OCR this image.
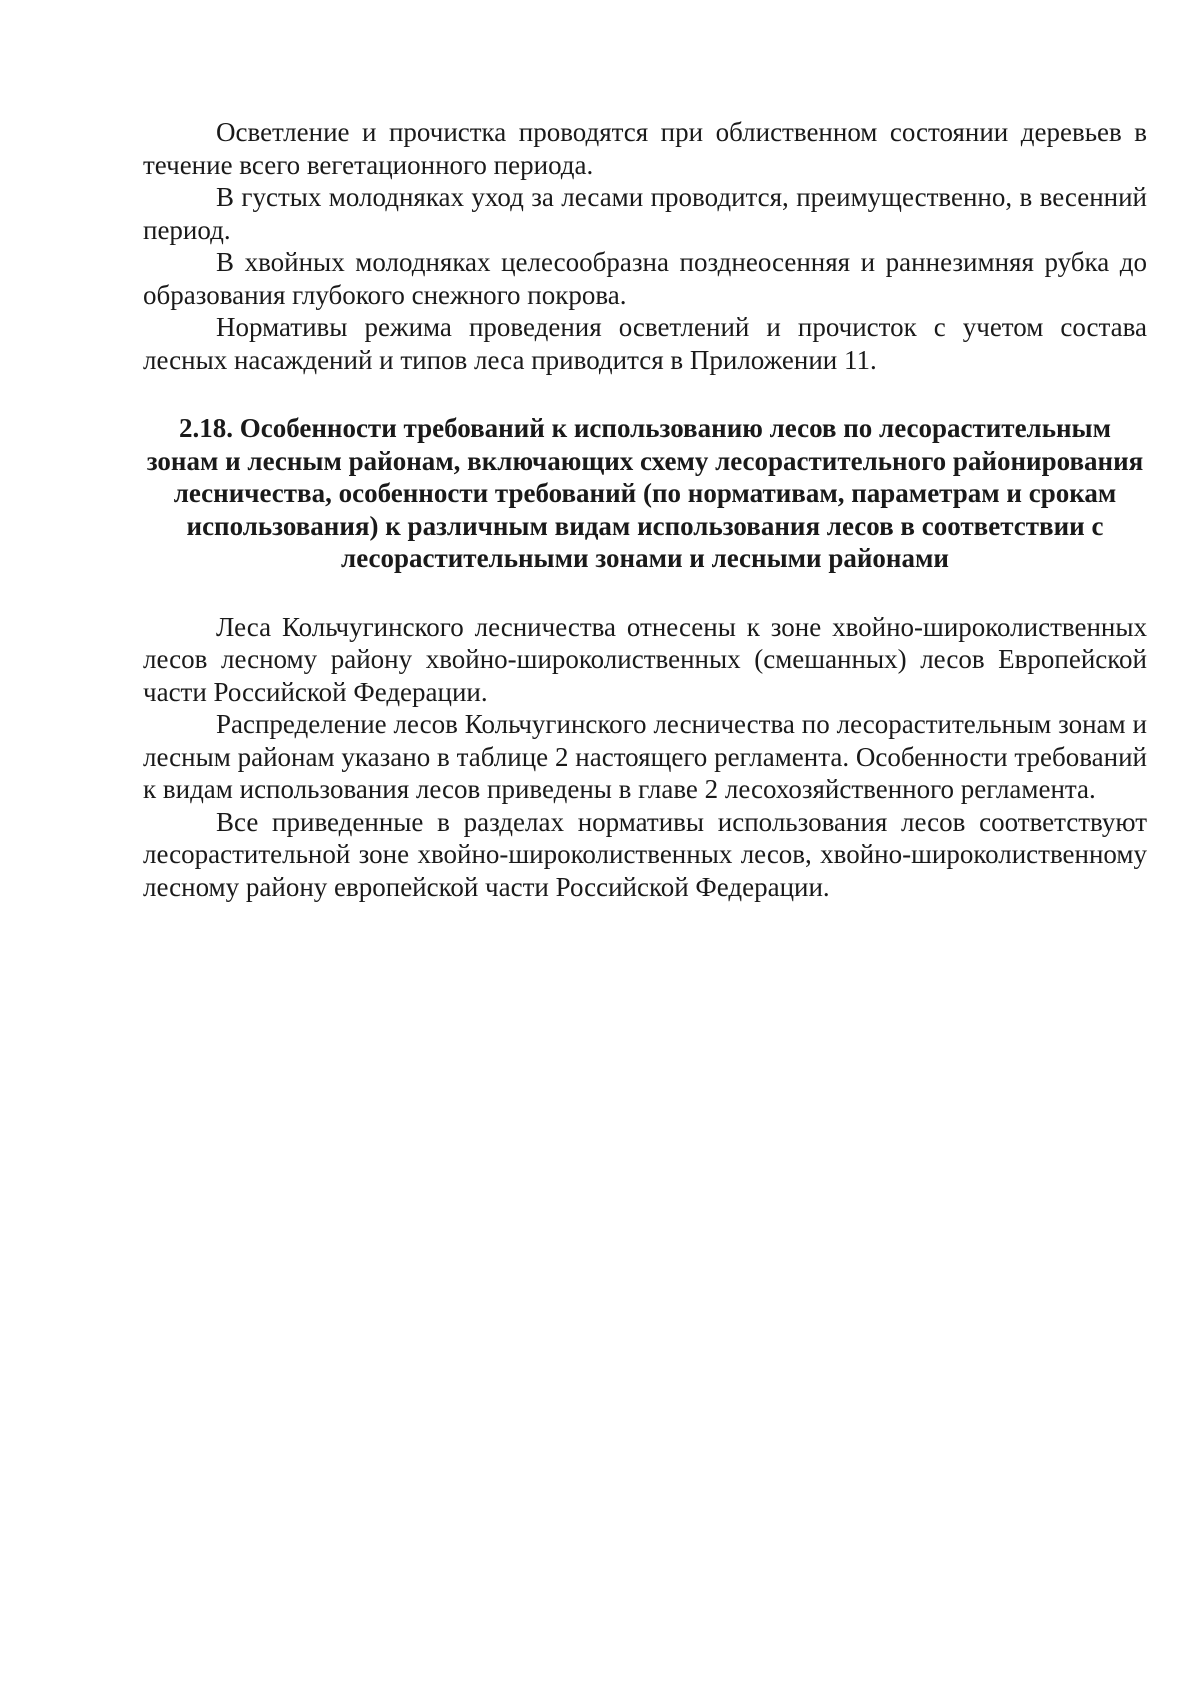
Осветление и прочистка проводятся при облиственном состоянии деревьев в течение всего вегетационного периода.

В густых молодняках уход за лесами проводится, преимущественно, в весенний период.

В хвойных молодняках целесообразна позднеосенняя и раннезимняя рубка до образования глубокого снежного покрова.

Нормативы режима проведения осветлений и прочисток с учетом состава лесных насаждений и типов леса приводится в Приложении 11.

2.18. Особенности требований к использованию лесов по лесорастительным зонам и лесным районам, включающих схему лесорастительного районирования лесничества, особенности требований (по нормативам, параметрам и срокам использования) к различным видам использования лесов в соответствии с лесорастительными зонами и лесными районами

Леса Кольчугинского лесничества отнесены к зоне хвойно-широколиственных лесов лесному району хвойно-широколиственных (смешанных) лесов Европейской части Российской Федерации.

Распределение лесов Кольчугинского лесничества по лесорастительным зонам и лесным районам указано в таблице 2 настоящего регламента. Особенности требований к видам использования лесов приведены в главе 2 лесохозяйственного регламента.

Все приведенные в разделах нормативы использования лесов соответствуют лесорастительной зоне хвойно-широколиственных лесов, хвойно-широколиственному лесному району европейской части Российской Федерации.
